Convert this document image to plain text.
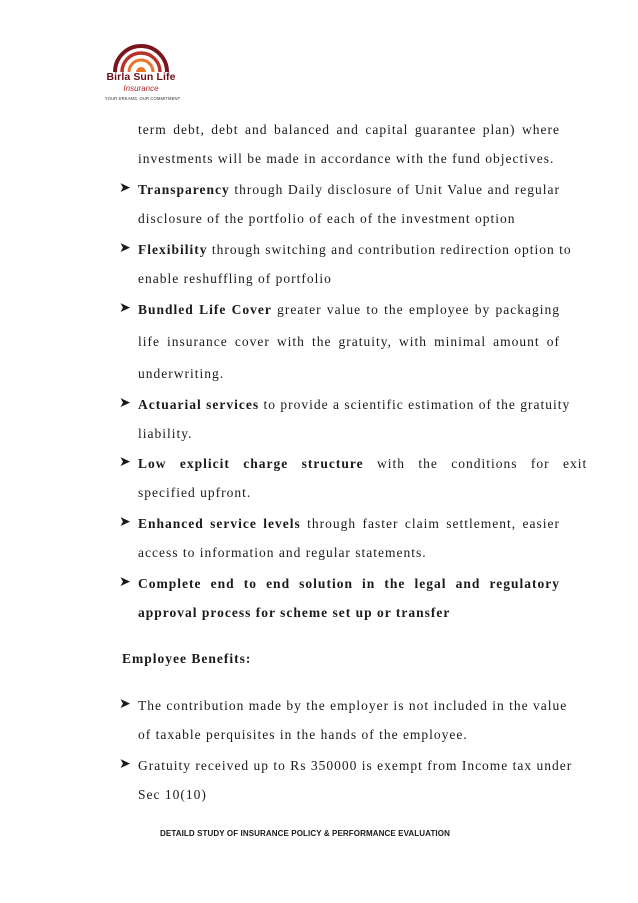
Birla Sun Life
Insurance
YOUR DREAMS. OUR COMMITMENT
term debt, debt and balanced and capital guarantee plan) where
investments will be made in accordance with the fund objectives.
➤ Transparency through Daily disclosure of Unit Value and regular
disclosure of the portfolio of each of the investment option
➤ Flexibility through switching and contribution redirection option to
enable reshuffling of portfolio
➤ Bundled Life Cover greater value to the employee by packaging
life insurance cover with the gratuity, with minimal amount of
underwriting.
➤ Actuarial services to provide a scientific estimation of the gratuity
liability.
➤ Low explicit charge structure with the conditions for exit
specified upfront.
➤ Enhanced service levels through faster claim settlement, easier
access to information and regular statements.
➤ Complete end to end solution in the legal and regulatory
approval process for scheme set up or transfer
Employee Benefits:
➤ The contribution made by the employer is not included in the value
of taxable perquisites in the hands of the employee.
➤ Gratuity received up to Rs 350000 is exempt from Income tax under
Sec 10(10)
DETAILD STUDY OF INSURANCE POLICY & PERFORMANCE EVALUATION
